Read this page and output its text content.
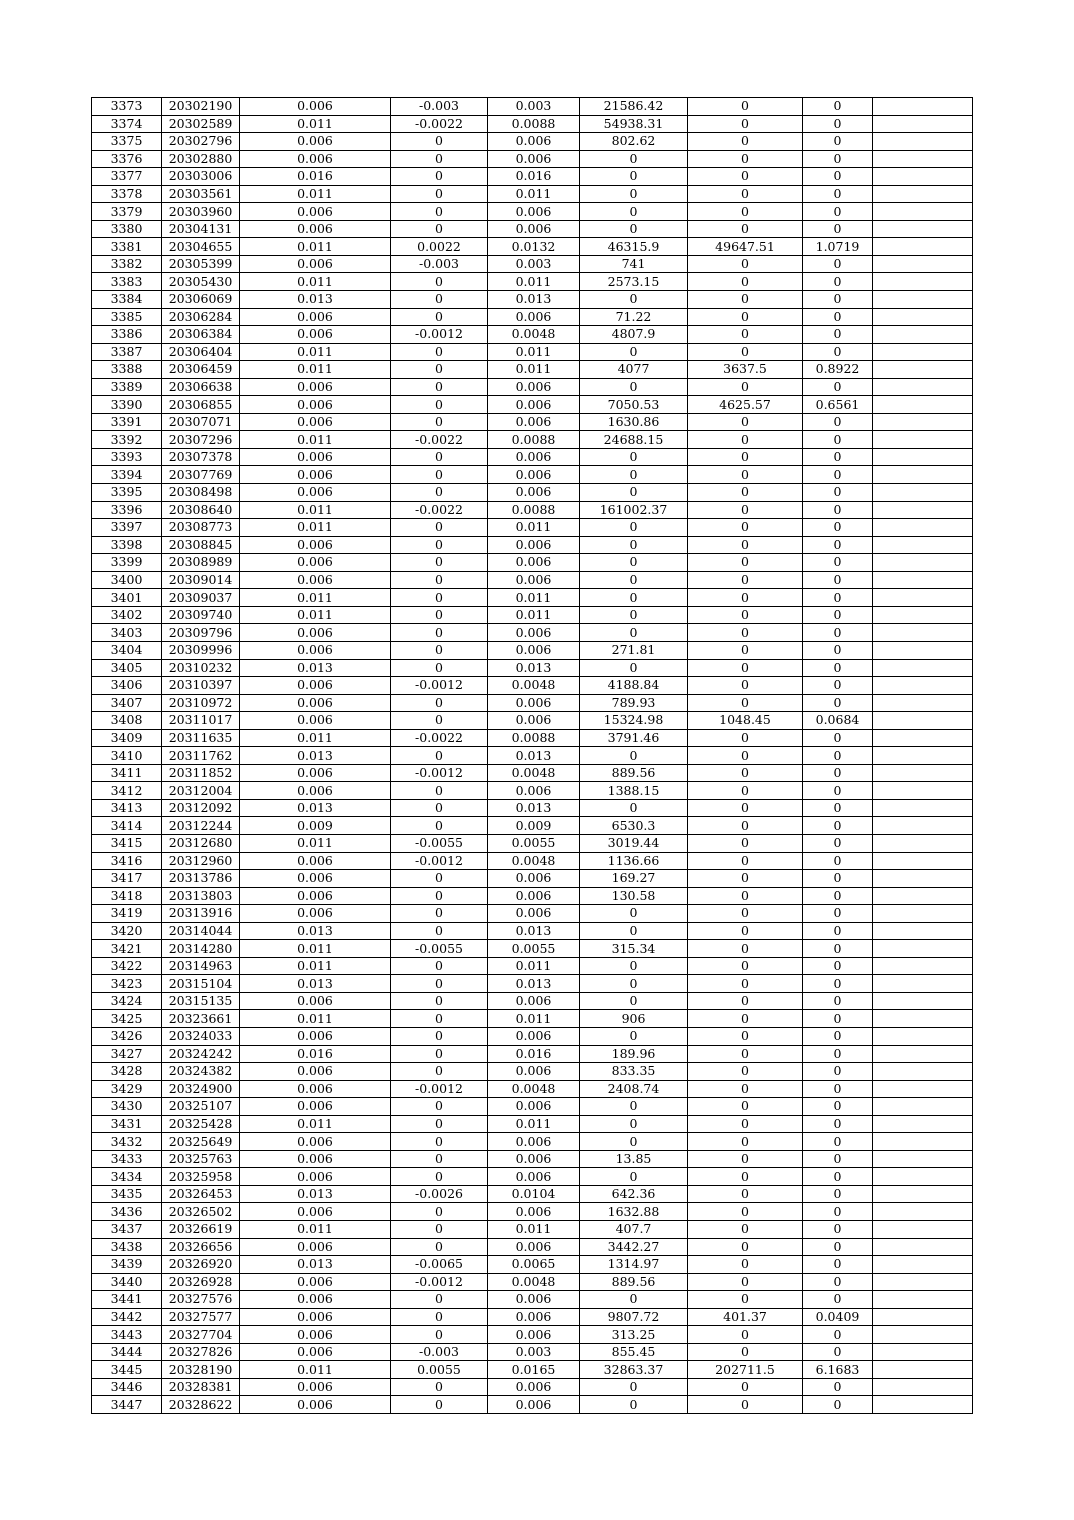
3373	20302190	0.006	-0.003	0.003	21586.42	0	0	
3374	20302589	0.011	-0.0022	0.0088	54938.31	0	0	
3375	20302796	0.006	0	0.006	802.62	0	0	
3376	20302880	0.006	0	0.006	0	0	0	
3377	20303006	0.016	0	0.016	0	0	0	
3378	20303561	0.011	0	0.011	0	0	0	
3379	20303960	0.006	0	0.006	0	0	0	
3380	20304131	0.006	0	0.006	0	0	0	
3381	20304655	0.011	0.0022	0.0132	46315.9	49647.51	1.0719	
3382	20305399	0.006	-0.003	0.003	741	0	0	
3383	20305430	0.011	0	0.011	2573.15	0	0	
3384	20306069	0.013	0	0.013	0	0	0	
3385	20306284	0.006	0	0.006	71.22	0	0	
3386	20306384	0.006	-0.0012	0.0048	4807.9	0	0	
3387	20306404	0.011	0	0.011	0	0	0	
3388	20306459	0.011	0	0.011	4077	3637.5	0.8922	
3389	20306638	0.006	0	0.006	0	0	0	
3390	20306855	0.006	0	0.006	7050.53	4625.57	0.6561	
3391	20307071	0.006	0	0.006	1630.86	0	0	
3392	20307296	0.011	-0.0022	0.0088	24688.15	0	0	
3393	20307378	0.006	0	0.006	0	0	0	
3394	20307769	0.006	0	0.006	0	0	0	
3395	20308498	0.006	0	0.006	0	0	0	
3396	20308640	0.011	-0.0022	0.0088	161002.37	0	0	
3397	20308773	0.011	0	0.011	0	0	0	
3398	20308845	0.006	0	0.006	0	0	0	
3399	20308989	0.006	0	0.006	0	0	0	
3400	20309014	0.006	0	0.006	0	0	0	
3401	20309037	0.011	0	0.011	0	0	0	
3402	20309740	0.011	0	0.011	0	0	0	
3403	20309796	0.006	0	0.006	0	0	0	
3404	20309996	0.006	0	0.006	271.81	0	0	
3405	20310232	0.013	0	0.013	0	0	0	
3406	20310397	0.006	-0.0012	0.0048	4188.84	0	0	
3407	20310972	0.006	0	0.006	789.93	0	0	
3408	20311017	0.006	0	0.006	15324.98	1048.45	0.0684	
3409	20311635	0.011	-0.0022	0.0088	3791.46	0	0	
3410	20311762	0.013	0	0.013	0	0	0	
3411	20311852	0.006	-0.0012	0.0048	889.56	0	0	
3412	20312004	0.006	0	0.006	1388.15	0	0	
3413	20312092	0.013	0	0.013	0	0	0	
3414	20312244	0.009	0	0.009	6530.3	0	0	
3415	20312680	0.011	-0.0055	0.0055	3019.44	0	0	
3416	20312960	0.006	-0.0012	0.0048	1136.66	0	0	
3417	20313786	0.006	0	0.006	169.27	0	0	
3418	20313803	0.006	0	0.006	130.58	0	0	
3419	20313916	0.006	0	0.006	0	0	0	
3420	20314044	0.013	0	0.013	0	0	0	
3421	20314280	0.011	-0.0055	0.0055	315.34	0	0	
3422	20314963	0.011	0	0.011	0	0	0	
3423	20315104	0.013	0	0.013	0	0	0	
3424	20315135	0.006	0	0.006	0	0	0	
3425	20323661	0.011	0	0.011	906	0	0	
3426	20324033	0.006	0	0.006	0	0	0	
3427	20324242	0.016	0	0.016	189.96	0	0	
3428	20324382	0.006	0	0.006	833.35	0	0	
3429	20324900	0.006	-0.0012	0.0048	2408.74	0	0	
3430	20325107	0.006	0	0.006	0	0	0	
3431	20325428	0.011	0	0.011	0	0	0	
3432	20325649	0.006	0	0.006	0	0	0	
3433	20325763	0.006	0	0.006	13.85	0	0	
3434	20325958	0.006	0	0.006	0	0	0	
3435	20326453	0.013	-0.0026	0.0104	642.36	0	0	
3436	20326502	0.006	0	0.006	1632.88	0	0	
3437	20326619	0.011	0	0.011	407.7	0	0	
3438	20326656	0.006	0	0.006	3442.27	0	0	
3439	20326920	0.013	-0.0065	0.0065	1314.97	0	0	
3440	20326928	0.006	-0.0012	0.0048	889.56	0	0	
3441	20327576	0.006	0	0.006	0	0	0	
3442	20327577	0.006	0	0.006	9807.72	401.37	0.0409	
3443	20327704	0.006	0	0.006	313.25	0	0	
3444	20327826	0.006	-0.003	0.003	855.45	0	0	
3445	20328190	0.011	0.0055	0.0165	32863.37	202711.5	6.1683	
3446	20328381	0.006	0	0.006	0	0	0	
3447	20328622	0.006	0	0.006	0	0	0	
